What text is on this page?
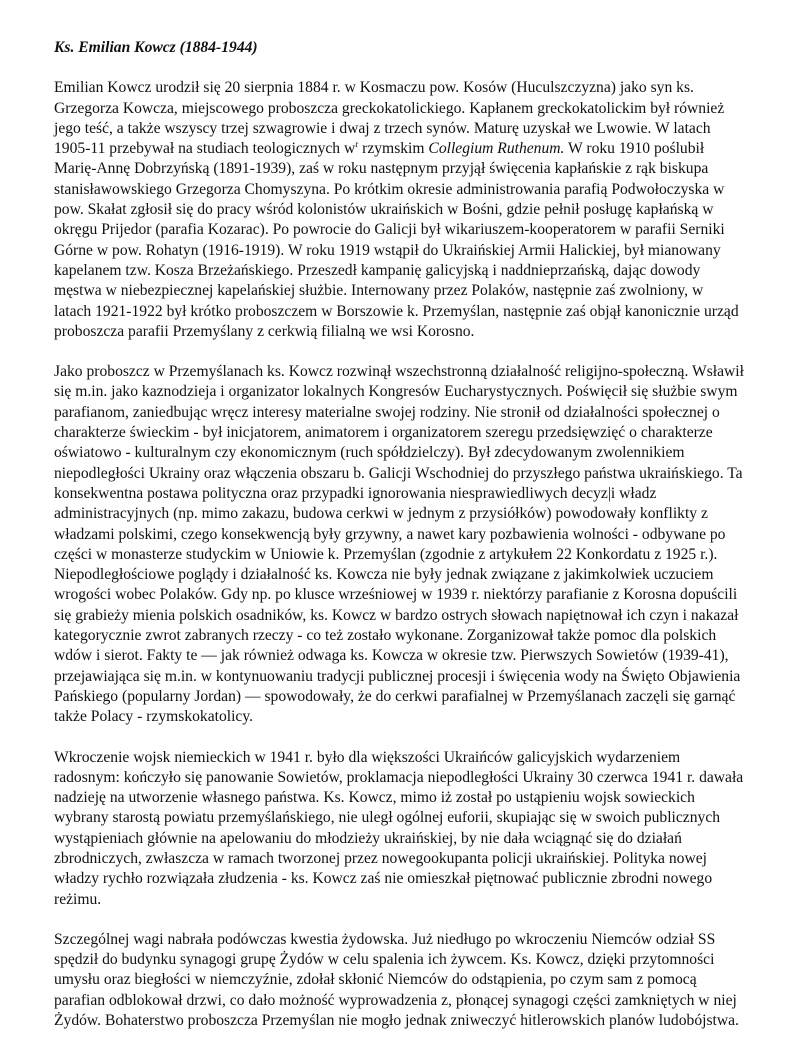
Ks. Emilian Kowcz (1884-1944)
Emilian Kowcz urodził się 20 sierpnia 1884 r. w Kosmaczu pow. Kosów (Huculszczyzna) jako syn ks. Grzegorza Kowcza, miejscowego proboszcza greckokatolickiego. Kapłanem greckokatolickim był również jego teść, a także wszyscy trzej szwagrowie i dwaj z trzech synów. Maturę uzyskał we Lwowie. W latach 1905-11 przebywał na studiach teologicznych $w^r$ rzymskim Collegium Ruthenum. W roku 1910 poślubił Marię-Annę Dobrzyńską (1891-1939), zaś w roku następnym przyjął święcenia kapłańskie z rąk biskupa stanisławowskiego Grzegorza Chomyszyna. Po krótkim okresie administrowania parafią Podwołoczyska w pow. Skałat zgłosił się do pracy wśród kolonistów ukraińskich w Bośni, gdzie pełnił posługę kapłańską w okręgu Prijedor (parafia Kozarac). Po powrocie do Galicji był wikariuszem-kooperatorem w parafii Serniki Górne w pow. Rohatyn (1916-1919). W roku 1919 wstąpił do Ukraińskiej Armii Halickiej, był mianowany kapelanem tzw. Kosza Brzeżańskiego. Przeszedł kampanię galicyjską i naddnieprzańską, dając dowody męstwa w niebezpiecznej kapelańskiej służbie. Internowany przez Polaków, następnie zaś zwolniony, w latach 1921-1922 był krótko proboszczem w Borszowie k. Przemyślan, następnie zaś objął kanonicznie urząd proboszcza parafii Przemyślany z cerkwią filialną we wsi Korosno.
Jako proboszcz w Przemyślanach ks. Kowcz rozwinął wszechstronną działalność religijno-społeczną. Wsławił się m.in. jako kaznodzieja i organizator lokalnych Kongresów Eucharystycznych. Poświęcił się służbie swym parafianom, zaniedbując wręcz interesy materialne swojej rodziny. Nie stronił od działalności społecznej o charakterze świeckim - był inicjatorem, animatorem i organizatorem szeregu przedsięwzięć o charakterze oświatowo - kulturalnym czy ekonomicznym (ruch spółdzielczy). Był zdecydowanym zwolennikiem niepodległości Ukrainy oraz włączenia obszaru b. Galicji Wschodniej do przyszłego państwa ukraińskiego. Ta konsekwentna postawa polityczna oraz przypadki ignorowania niesprawiedliwych decyz|i władz administracyjnych (np. mimo zakazu, budowa cerkwi w jednym z przysiółków) powodowały konflikty z władzami polskimi, czego konsekwencją były grzywny, a nawet kary pozbawienia wolności - odbywane po części w monasterze studyckim w Uniowie k. Przemyślan (zgodnie z artykułem 22 Konkordatu z 1925 r.). Niepodległościowe poglądy i działalność ks. Kowcza nie były jednak związane z jakimkolwiek uczuciem wrogości wobec Polaków. Gdy np. po klusce wrześniowej w 1939 r. niektórzy parafianie z Korosna dopuścili się grabieży mienia polskich osadników, ks. Kowcz w bardzo ostrych słowach napiętnował ich czyn i nakazał kategorycznie zwrot zabranych rzeczy - co też zostało wykonane. Zorganizował także pomoc dla polskich wdów i sierot. Fakty te — jak również odwaga ks. Kowcza w okresie tzw. Pierwszych Sowietów (1939-41), przejawiająca się m.in. w kontynuowaniu tradycji publicznej procesji i święcenia wody na Święto Objawienia Pańskiego (popularny Jordan) — spowodowały, że do cerkwi parafialnej w Przemyślanach zaczęli się garnąć także Polacy - rzymskokatolicy.
Wkroczenie wojsk niemieckich w 1941 r. było dla większości Ukraińców galicyjskich wydarzeniem radosnym: kończyło się panowanie Sowietów, proklamacja niepodległości Ukrainy 30 czerwca 1941 r. dawała nadzieję na utworzenie własnego państwa. Ks. Kowcz, mimo iż został po ustąpieniu wojsk sowieckich wybrany starostą powiatu przemyślańskiego, nie uległ ogólnej euforii, skupiając się w swoich publicznych wystąpieniach głównie na apelowaniu do młodzieży ukraińskiej, by nie dała wciągnąć się do działań zbrodniczych, zwłaszcza w ramach tworzonej przez nowegookupanta policji ukraińskiej. Polityka nowej władzy rychło rozwiązała złudzenia - ks. Kowcz zaś nie omieszkał piętnować publicznie zbrodni nowego reżimu.
Szczególnej wagi nabrała podówczas kwestia żydowska. Już niedługo po wkroczeniu Niemców odział SS spędził do budynku synagogi grupę Żydów w celu spalenia ich żywcem. Ks. Kowcz, dzięki przytomności umysłu oraz biegłości w niemczyźnie, zdołał skłonić Niemców do odstąpienia, po czym sam z pomocą parafian odblokował drzwi, co dało możność wyprowadzenia z, płonącej synagogi części zamkniętych w niej Żydów. Bohaterstwo proboszcza Przemyślan nie mogło jednak zniweczyć hitlerowskich planów ludobójstwa.
